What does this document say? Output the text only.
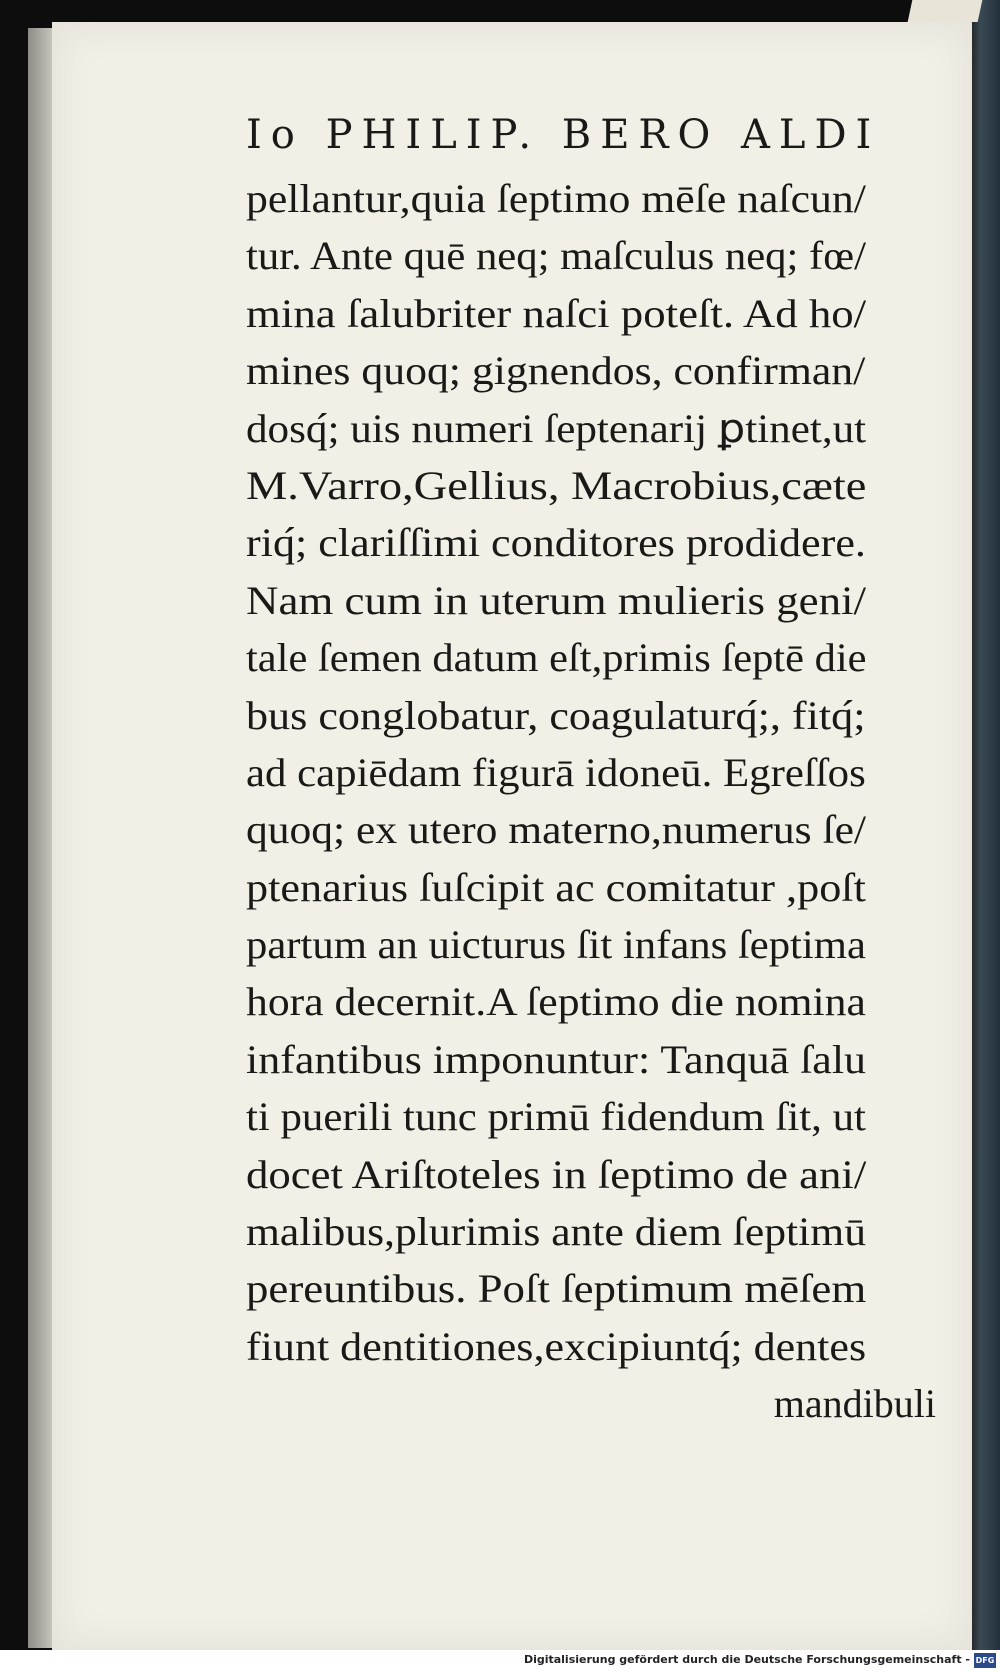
Io PHILIP. BERO ALDI
pellantur,quia ſeptimo mēſe naſcun/
tur. Ante quē neq; maſculus neq; fœ/
mina ſalubriter naſci poteſt. Ad ho/
mines quoq; gignendos, confirman/
dosq́; uis numeri ſeptenarij ꝑtinet,ut
M.Varro,Gellius, Macrobius,cæte
riq́; clariſſimi conditores prodidere.
Nam cum in uterum mulieris geni/
tale ſemen datum eſt,primis ſeptē die
bus conglobatur, coagulaturq́;, fitq́;
ad capiēdam figurā idoneū. Egreſſos
quoq; ex utero materno,numerus ſe/
ptenarius ſuſcipit ac comitatur ,poſt
partum an uicturus ſit infans ſeptima
hora decernit.A ſeptimo die nomina
infantibus imponuntur: Tanquā ſalu
ti puerili tunc primū fidendum ſit, ut
docet Ariſtoteles in ſeptimo de ani/
malibus,plurimis ante diem ſeptimū
pereuntibus. Poſt ſeptimum mēſem
fiunt dentitiones,excipiuntq́; dentes
mandibuli
Digitalisierung gefördert durch die Deutsche Forschungsgemeinschaft - DFG
